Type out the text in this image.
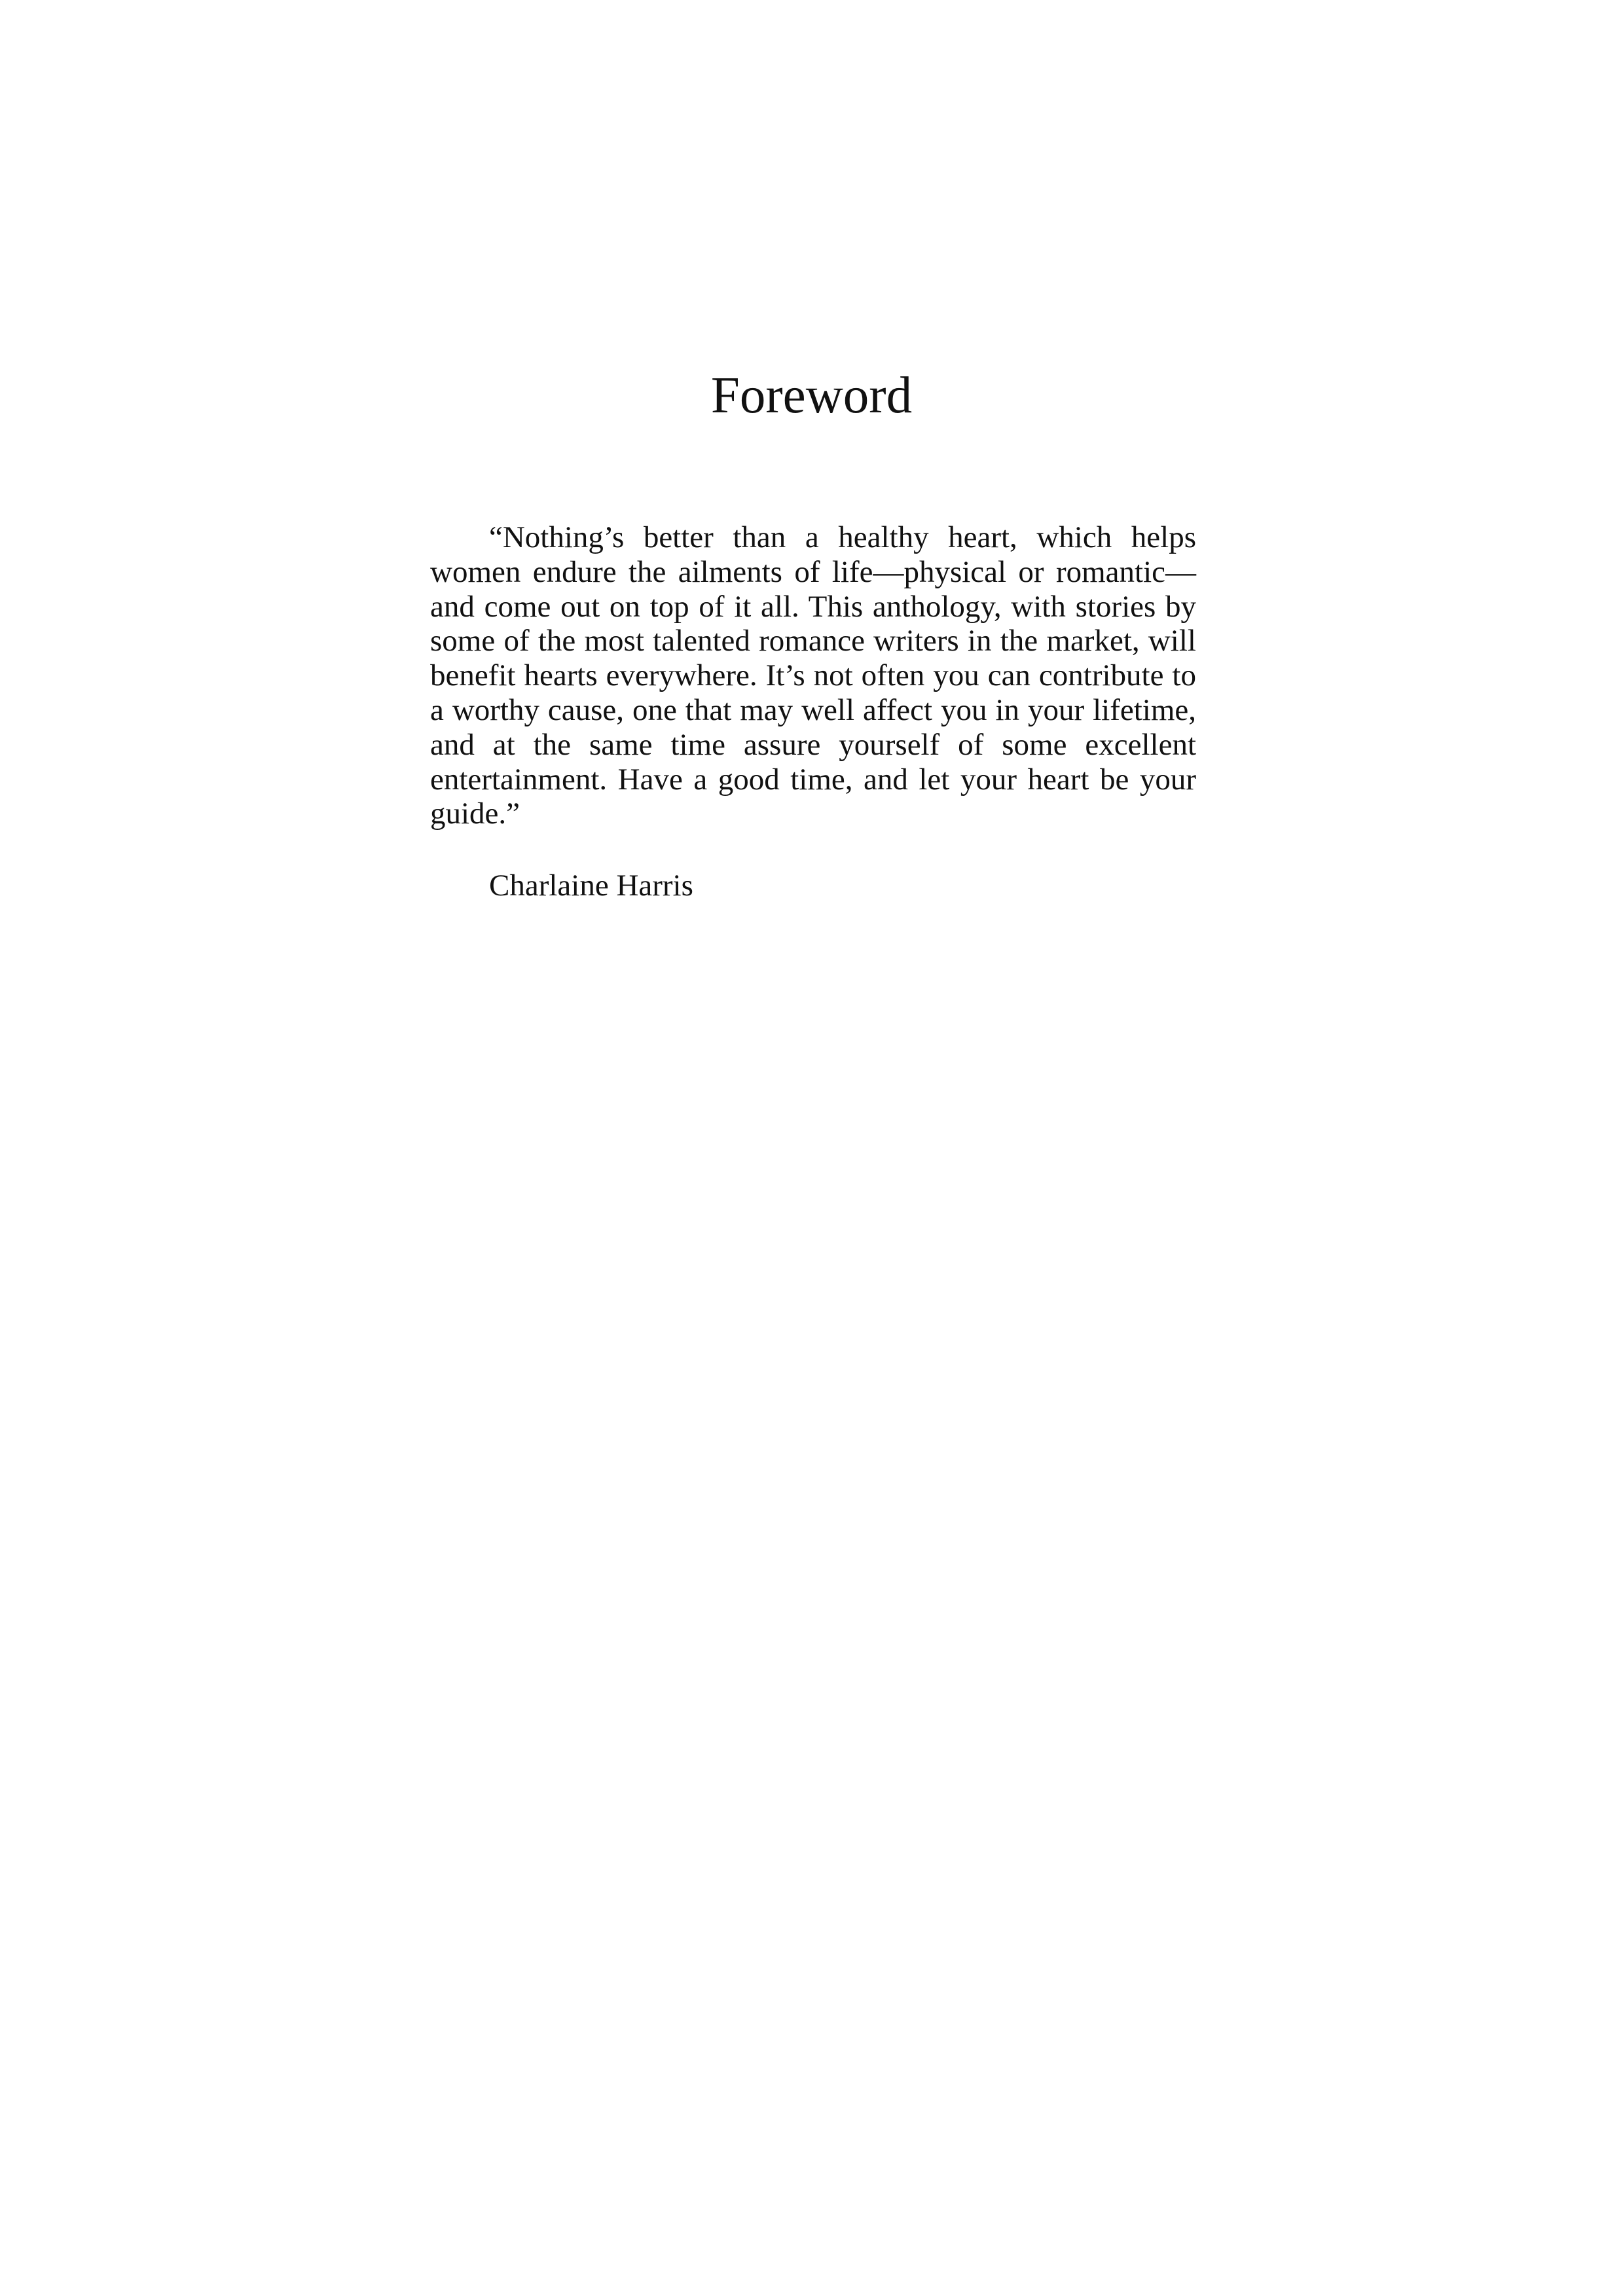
Foreword

“Nothing’s better than a healthy heart, which helps women endure the ailments of life—physical or romantic—and come out on top of it all. This anthology, with stories by some of the most talented romance writers in the market, will benefit hearts everywhere. It’s not often you can contribute to a worthy cause, one that may well affect you in your lifetime, and at the same time assure yourself of some excellent entertainment. Have a good time, and let your heart be your guide.”

Charlaine Harris
